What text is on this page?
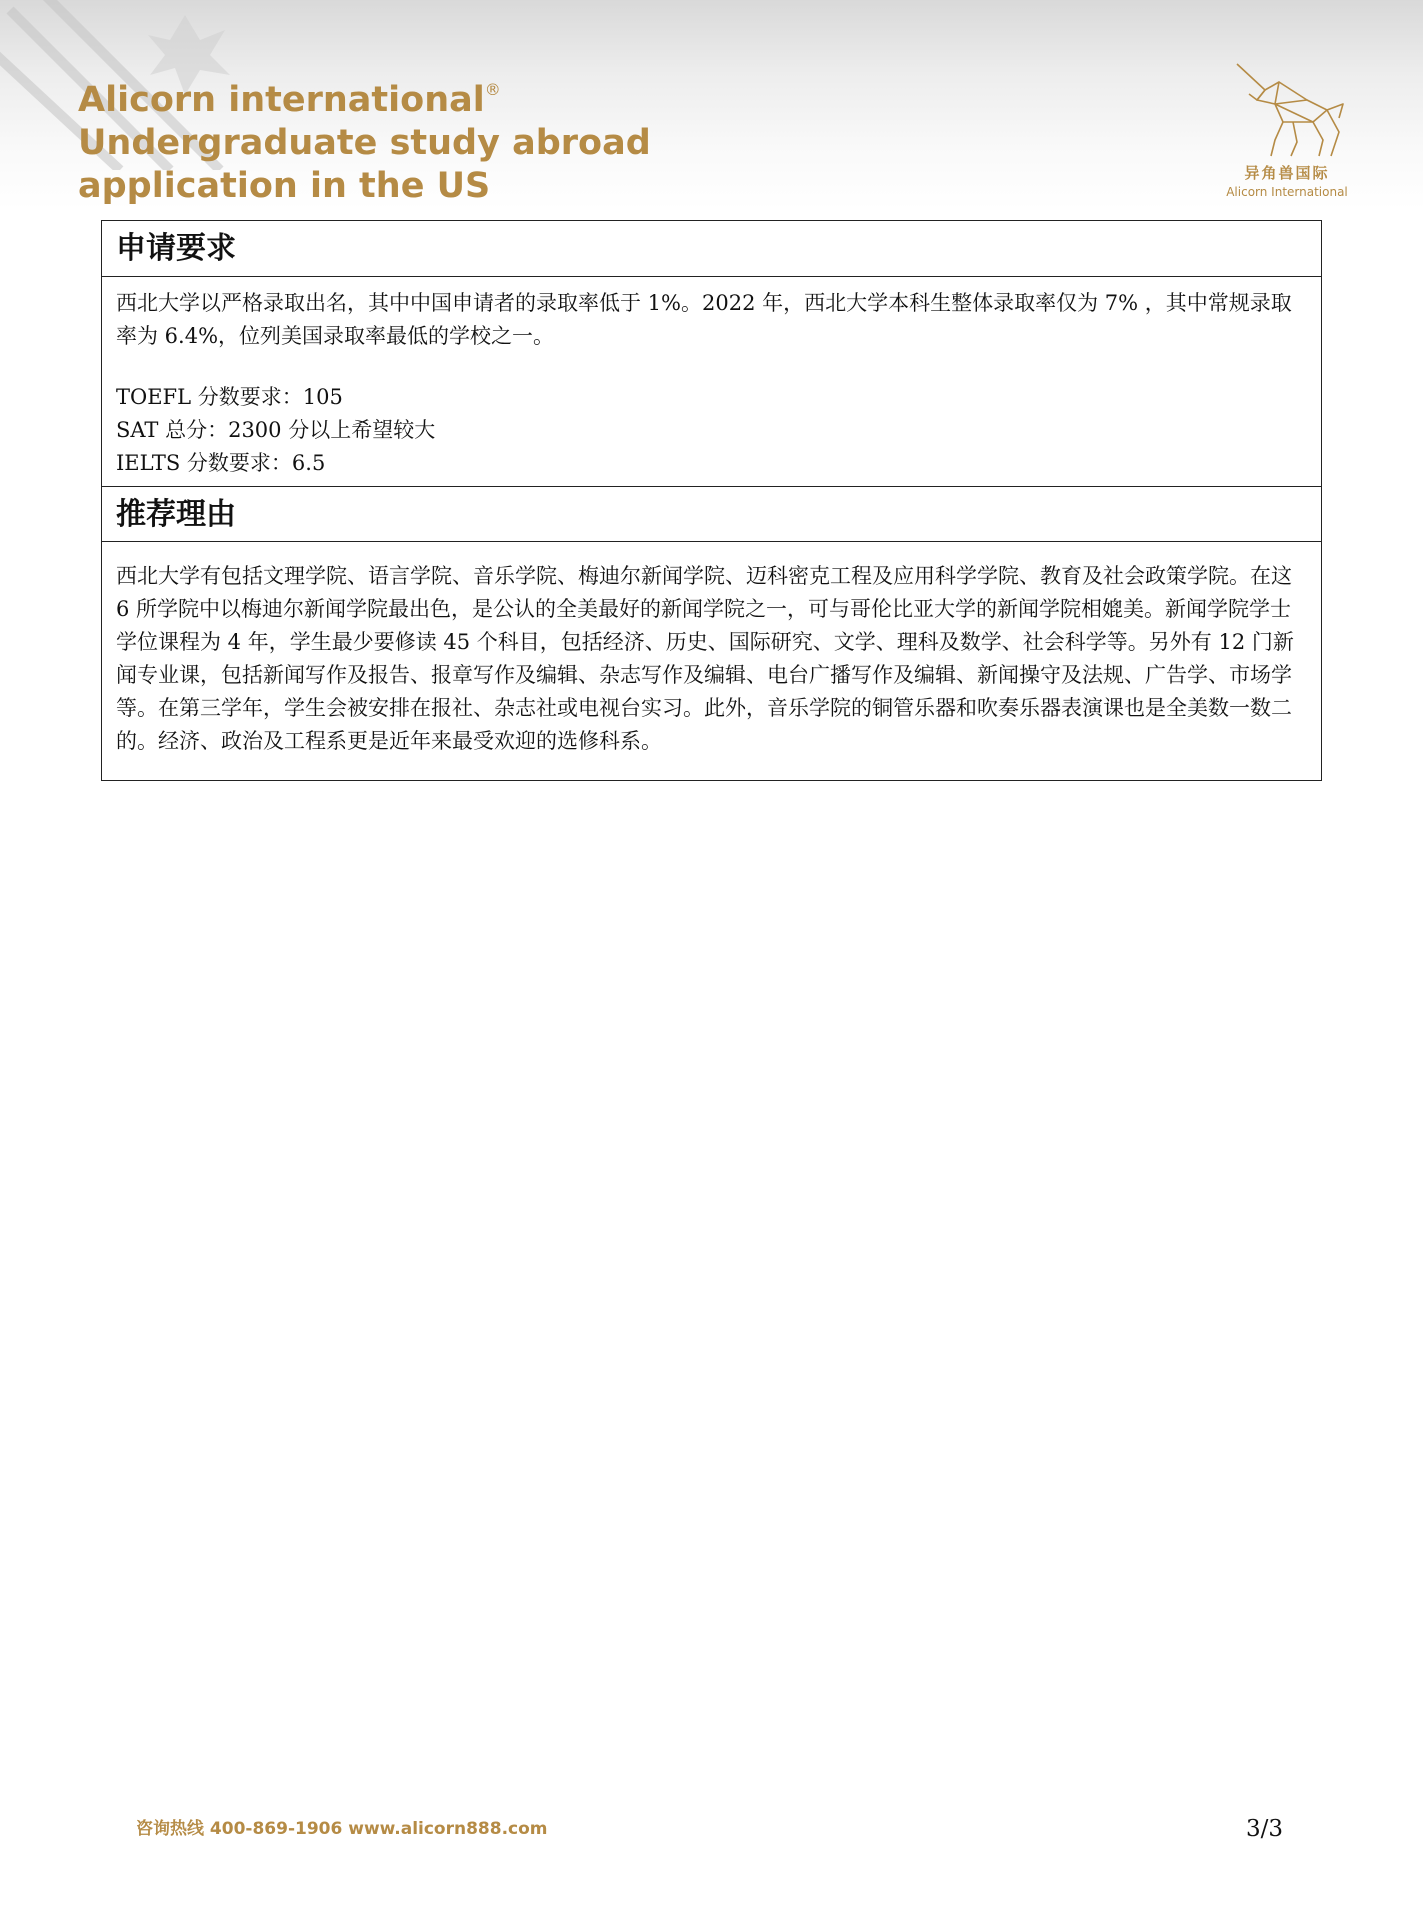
Alicorn international®
Undergraduate study abroad
application in the US	异角兽国际
Alicorn International
申请要求

西北大学以严格录取出名，其中中国申请者的录取率低于 1%。2022 年，西北大学本科生整体录取率仅为 7% ，其中常规录取率为 6.4%，位列美国录取率最低的学校之一。

TOEFL 分数要求：105

SAT 总分：2300 分以上希望较大

IELTS 分数要求：6.5

推荐理由

西北大学有包括文理学院、语言学院、音乐学院、梅迪尔新闻学院、迈科密克工程及应用科学学院、教育及社会政策学院。在这 6 所学院中以梅迪尔新闻学院最出色，是公认的全美最好的新闻学院之一，可与哥伦比亚大学的新闻学院相媲美。新闻学院学士学位课程为 4 年，学生最少要修读 45 个科目，包括经济、历史、国际研究、文学、理科及数学、社会科学等。另外有 12 门新闻专业课，包括新闻写作及报告、报章写作及编辑、杂志写作及编辑、电台广播写作及编辑、新闻操守及法规、广告学、市场学等。在第三学年，学生会被安排在报社、杂志社或电视台实习。此外，音乐学院的铜管乐器和吹奏乐器表演课也是全美数一数二的。经济、政治及工程系更是近年来最受欢迎的选修科系。

咨询热线 400-869-1906 www.alicorn888.com	3/3
